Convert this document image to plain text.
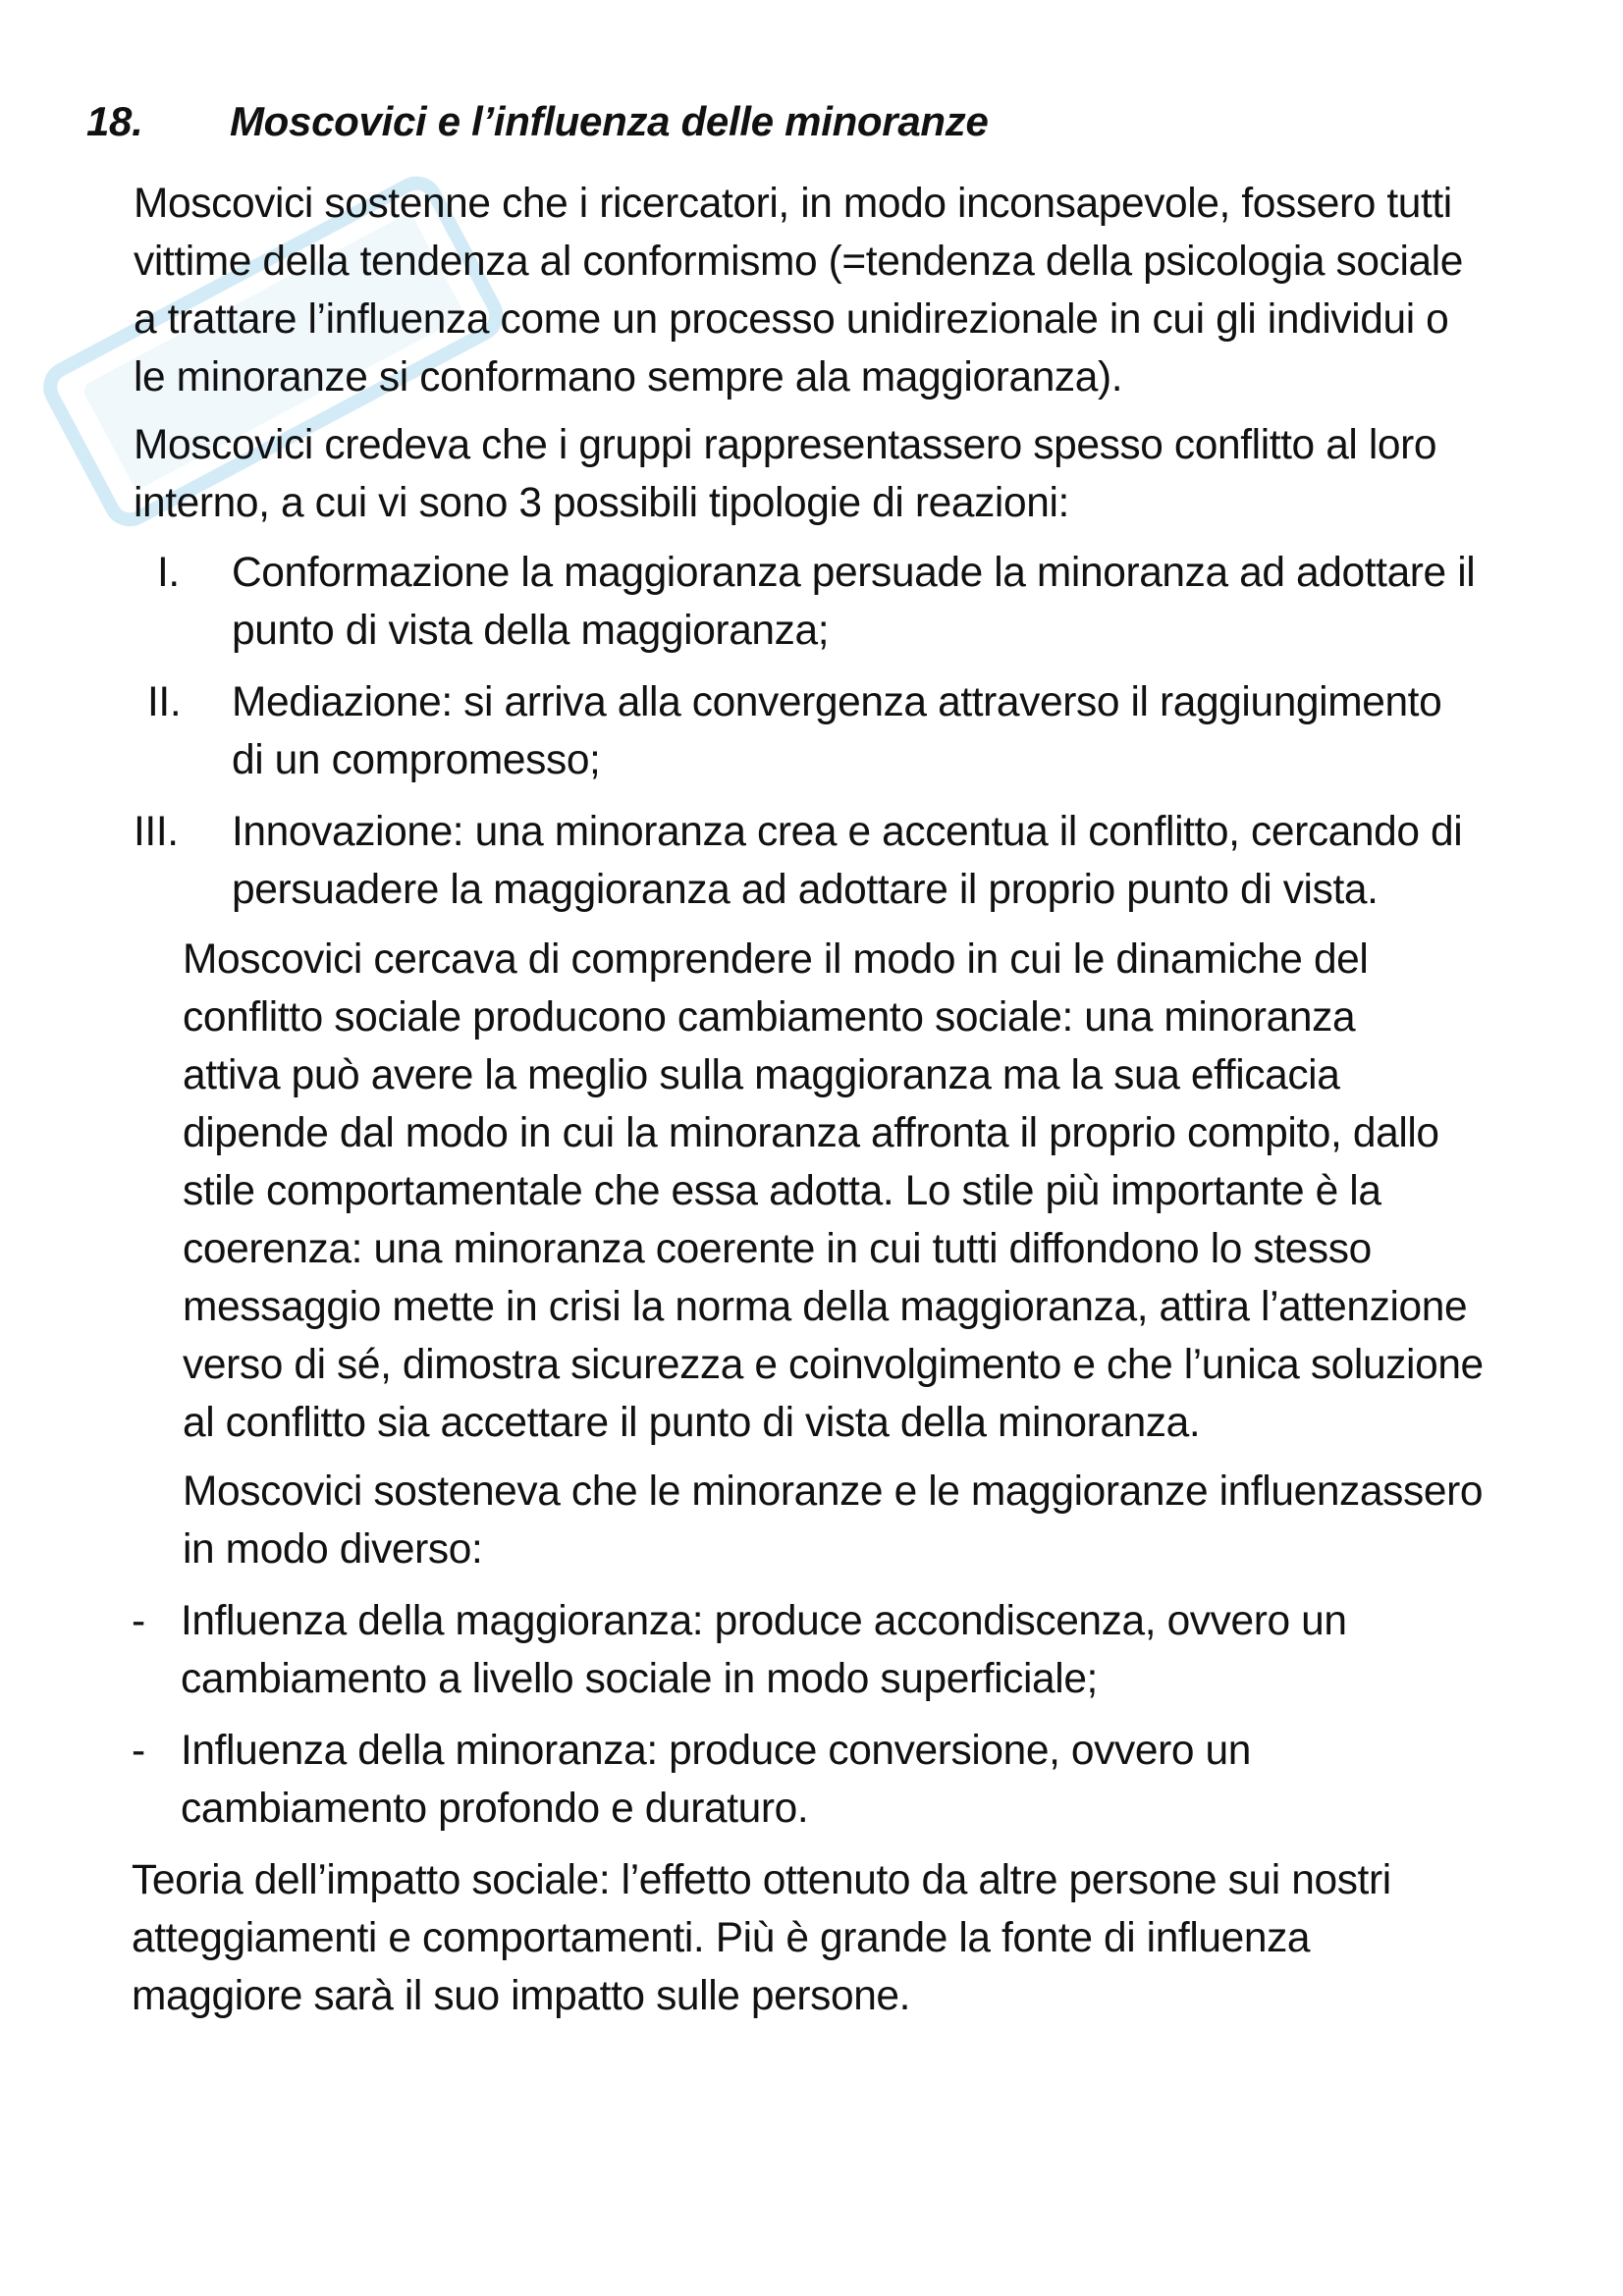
18. Moscovici e l’influenza delle minoranze
Moscovici sostenne che i ricercatori, in modo inconsapevole, fossero tutti
vittime della tendenza al conformismo (=tendenza della psicologia sociale
a trattare l’influenza come un processo unidirezionale in cui gli individui o
le minoranze si conformano sempre ala maggioranza).
Moscovici credeva che i gruppi rappresentassero spesso conflitto al loro
interno, a cui vi sono 3 possibili tipologie di reazioni:
I. Conformazione la maggioranza persuade la minoranza ad adottare il
punto di vista della maggioranza;
II. Mediazione: si arriva alla convergenza attraverso il raggiungimento
di un compromesso;
III. Innovazione: una minoranza crea e accentua il conflitto, cercando di
persuadere la maggioranza ad adottare il proprio punto di vista.
Moscovici cercava di comprendere il modo in cui le dinamiche del
conflitto sociale producono cambiamento sociale: una minoranza
attiva può avere la meglio sulla maggioranza ma la sua efficacia
dipende dal modo in cui la minoranza affronta il proprio compito, dallo
stile comportamentale che essa adotta. Lo stile più importante è la
coerenza: una minoranza coerente in cui tutti diffondono lo stesso
messaggio mette in crisi la norma della maggioranza, attira l’attenzione
verso di sé, dimostra sicurezza e coinvolgimento e che l’unica soluzione
al conflitto sia accettare il punto di vista della minoranza.
Moscovici sosteneva che le minoranze e le maggioranze influenzassero
in modo diverso:
- Influenza della maggioranza: produce accondiscenza, ovvero un
cambiamento a livello sociale in modo superficiale;
- Influenza della minoranza: produce conversione, ovvero un
cambiamento profondo e duraturo.
Teoria dell’impatto sociale: l’effetto ottenuto da altre persone sui nostri
atteggiamenti e comportamenti. Più è grande la fonte di influenza
maggiore sarà il suo impatto sulle persone.
